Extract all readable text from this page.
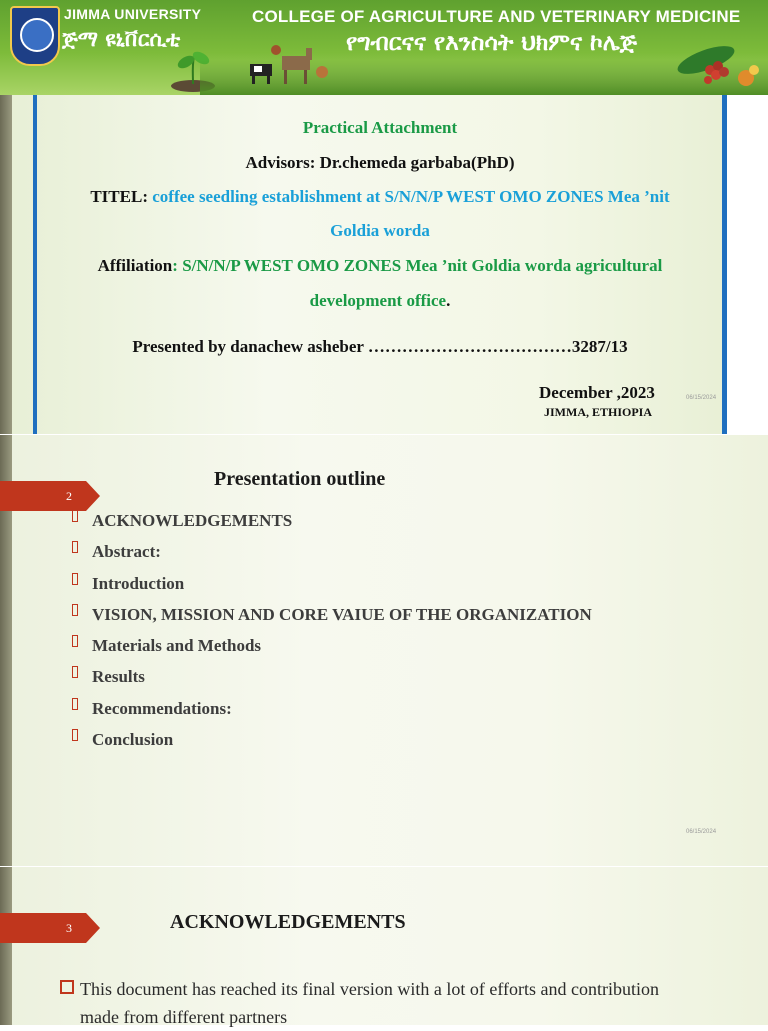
JIMMA UNIVERSITY
ጅማ ዩኒቨርሲቲ
COLLEGE OF AGRICULTURE AND VETERINARY MEDICINE
የግብርናና የእንስሳት ህክምና ኮሌጅ
Practical Attachment
Advisors: Dr.chemeda garbaba(PhD)
TITEL: coffee seedling establishment at S/N/N/P WEST OMO ZONES Mea ’nit
Goldia worda
Affiliation: S/N/N/P WEST OMO ZONES Mea ’nit Goldia worda agricultural
development office.
Presented by danachew asheber ………………………………3287/13
December ,2023
JIMMA, ETHIOPIA
06/15/2024
2
Presentation outline
ACKNOWLEDGEMENTS
Abstract:
Introduction
VISION, MISSION AND CORE VAIUE OF THE ORGANIZATION
Materials and Methods
Results
Recommendations:
Conclusion
06/15/2024
3	ACKNOWLEDGEMENTS
This document has reached its final version with a lot of efforts and contribution
made from different partners
